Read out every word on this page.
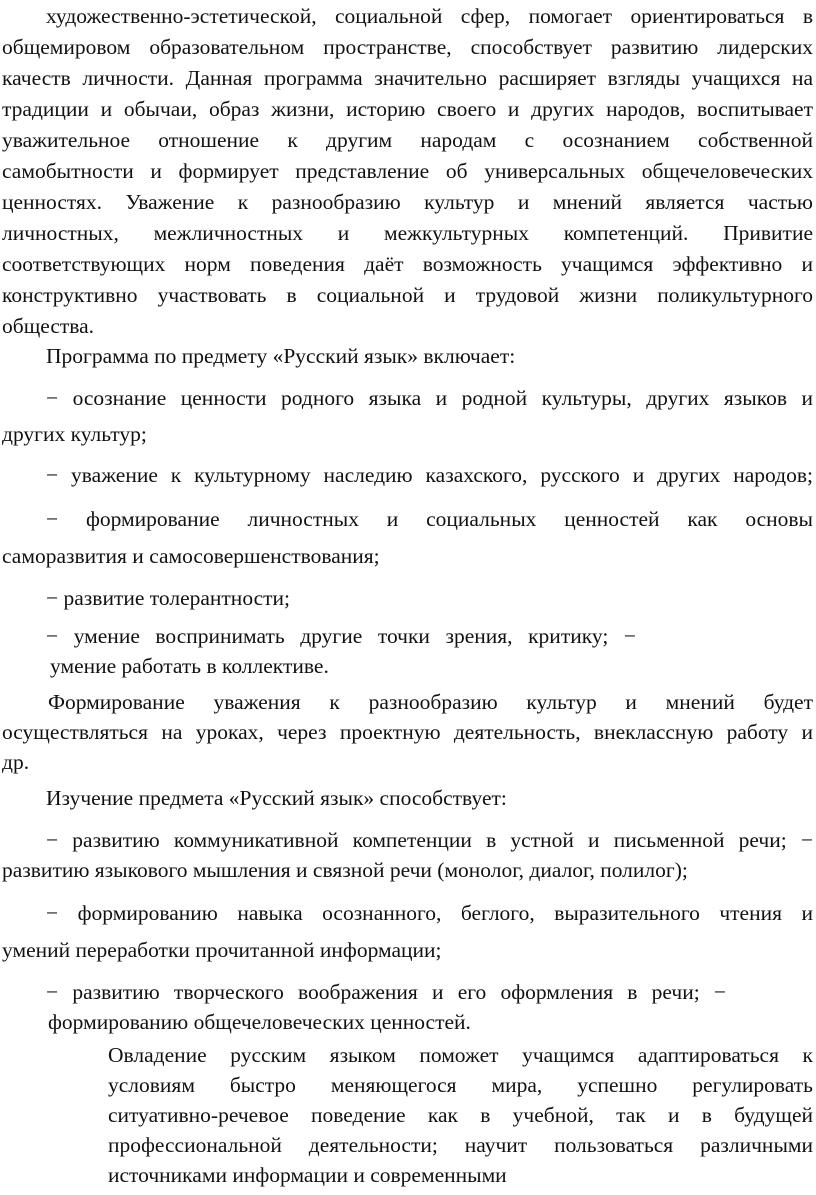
художественно-эстетической, социальной сфер, помогает ориентироваться в
общемировом образовательном пространстве, способствует развитию лидерских
качеств личности. Данная программа значительно расширяет взгляды учащихся на
традиции и обычаи, образ жизни, историю своего и других народов, воспитывает
уважительное отношение к другим народам с осознанием собственной
самобытности и формирует представление об универсальных общечеловеческих
ценностях. Уважение к разнообразию культур и мнений является частью
личностных, межличностных и межкультурных компетенций. Привитие
соответствующих норм поведения даёт возможность учащимся эффективно и
конструктивно участвовать в социальной и трудовой жизни поликультурного
общества.
Программа по предмету «Русский язык» включает:
− осознание ценности родного языка и родной культуры, других языков и
других культур;
− уважение к культурному наследию казахского, русского и других народов;
− формирование личностных и социальных ценностей как основы
саморазвития и самосовершенствования;
− развитие толерантности;
− умение воспринимать другие точки зрения, критику; −
умение работать в коллективе.
Формирование уважения к разнообразию культур и мнений будет
осуществляться на уроках, через проектную деятельность, внеклассную работу и
др.
Изучение предмета «Русский язык» способствует:
− развитию коммуникативной компетенции в устной и письменной речи; −
развитию языкового мышления и связной речи (монолог, диалог, полилог);
− формированию навыка осознанного, беглого, выразительного чтения и
умений переработки прочитанной информации;
− развитию творческого воображения и его оформления в речи; −
формированию общечеловеческих ценностей.
Овладение русским языком поможет учащимся адаптироваться к
условиям быстро меняющегося мира, успешно регулировать
ситуативно-речевое поведение как в учебной, так и в будущей
профессиональной деятельности; научит пользоваться различными
источниками информации и современными
